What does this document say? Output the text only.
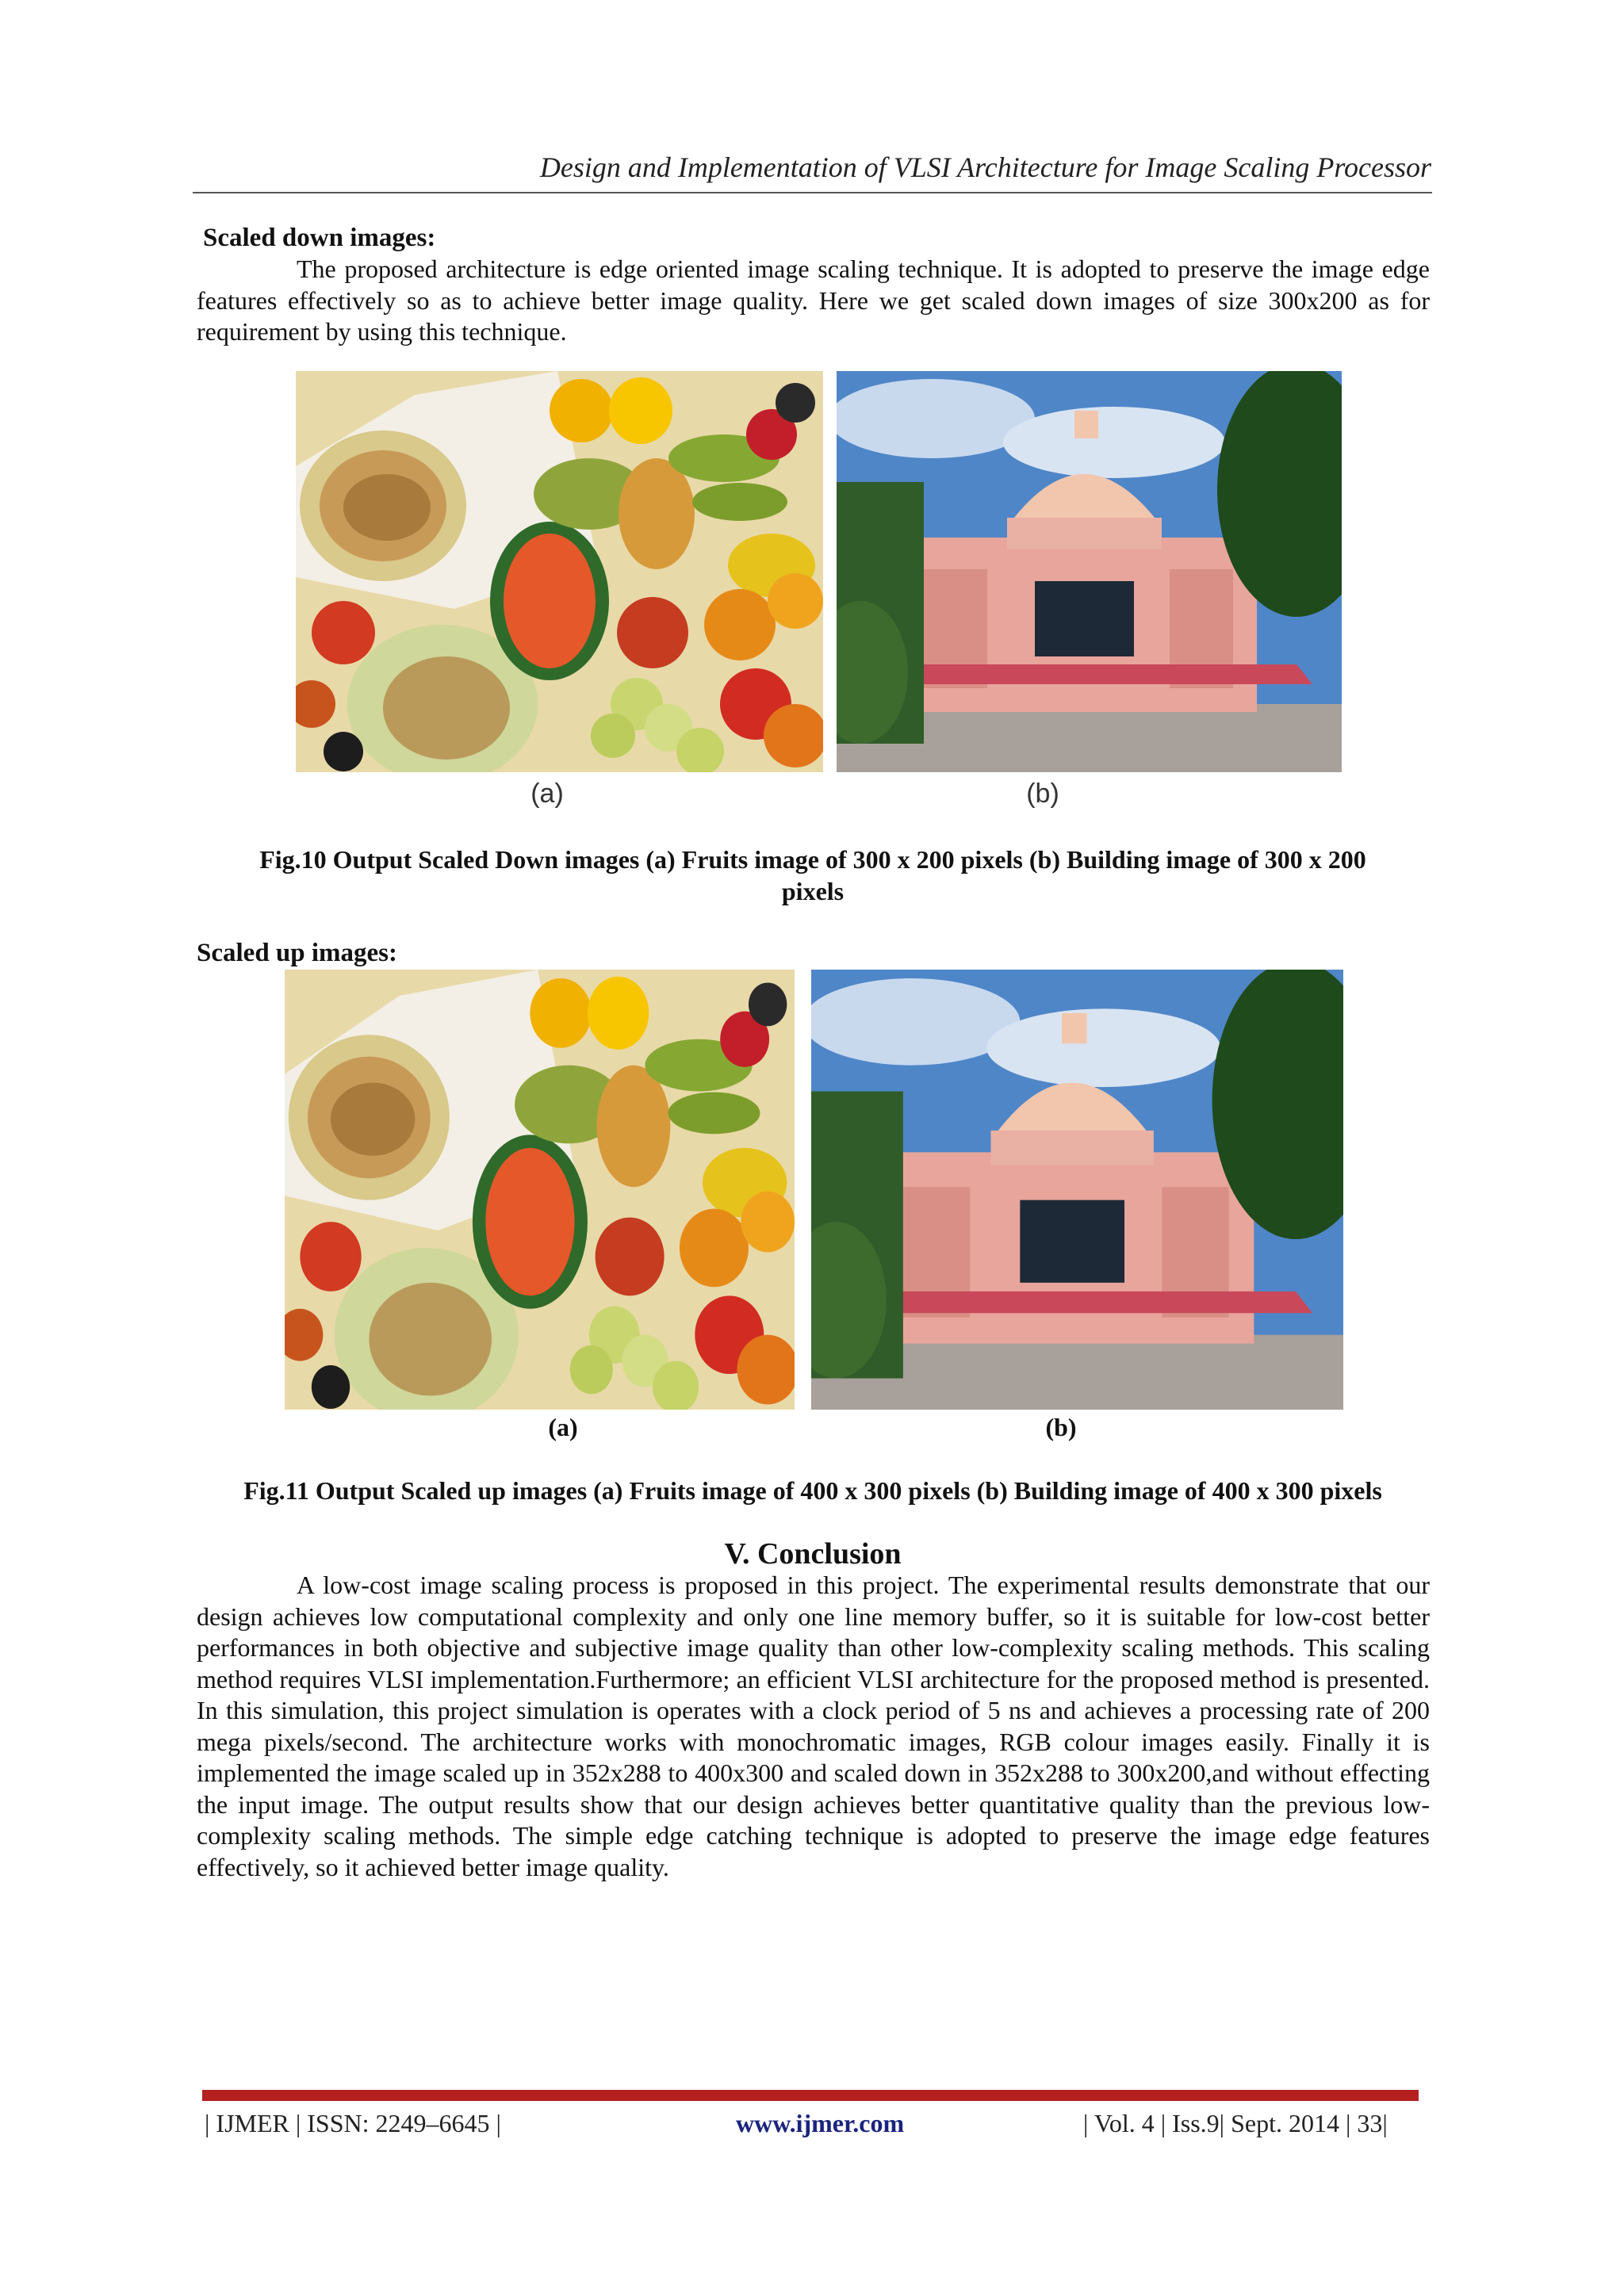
Design and Implementation of VLSI Architecture for Image Scaling Processor
Scaled down images:
The proposed architecture is edge oriented image scaling technique. It is adopted to preserve the image edge features effectively so as to achieve better image quality. Here we get scaled down images of size 300x200 as for requirement by using this technique.
(a)	(b)
Fig.10 Output Scaled Down images (a) Fruits image of 300 x 200 pixels (b) Building image of 300 x 200
pixels
Scaled up images:
(a)	(b)
Fig.11 Output Scaled up images (a) Fruits image of 400 x 300 pixels (b) Building image of 400 x 300 pixels
V. Conclusion
A low-cost image scaling process is proposed in this project. The experimental results demonstrate that our design achieves low computational complexity and only one line memory buffer, so it is suitable for low-cost better performances in both objective and subjective image quality than other low-complexity scaling methods. This scaling method requires VLSI implementation.Furthermore; an efficient VLSI architecture for the proposed method is presented. In this simulation, this project simulation is operates with a clock period of 5 ns and achieves a processing rate of 200 mega pixels/second. The architecture works with monochromatic images, RGB colour images easily. Finally it is implemented the image scaled up in 352x288 to 400x300 and scaled down in 352x288 to 300x200,and without effecting the input image. The output results show that our design achieves better quantitative quality than the previous low-complexity scaling methods. The simple edge catching technique is adopted to preserve the image edge features effectively, so it achieved better image quality.
| IJMER | ISSN: 2249–6645 |	www.ijmer.com	| Vol. 4 | Iss.9| Sept. 2014 | 33|
